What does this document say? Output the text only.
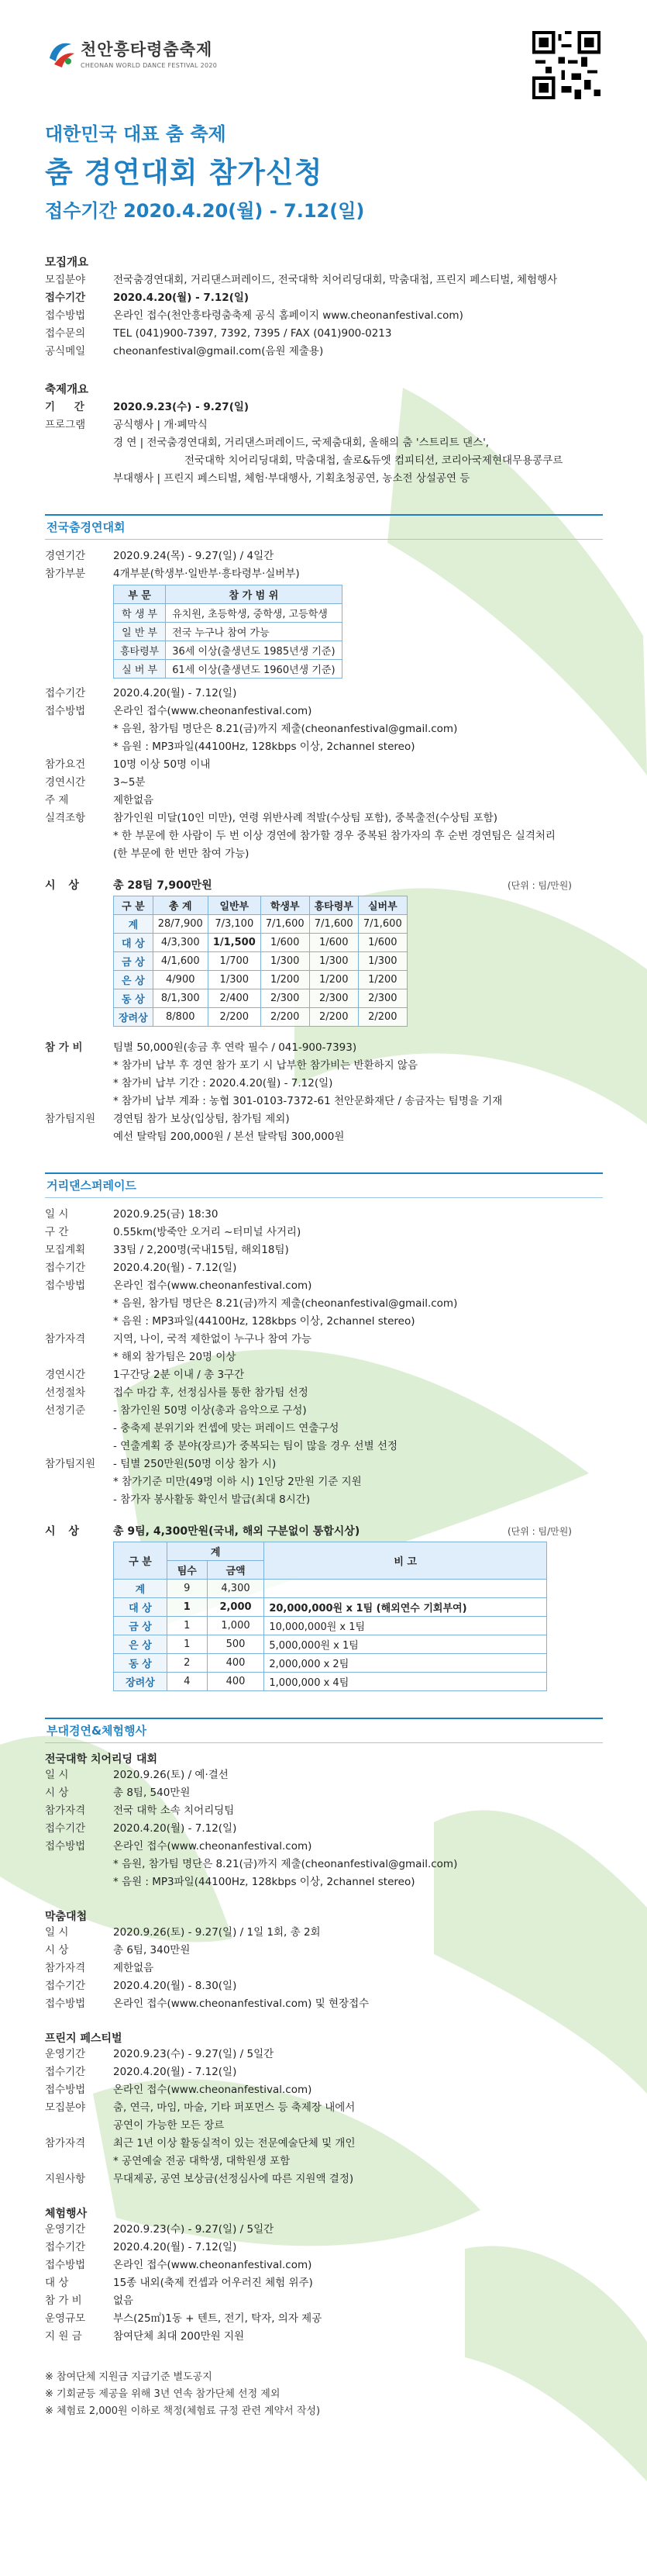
천안흥타령춤축제
CHEONAN WORLD DANCE FESTIVAL 2020
대한민국 대표 춤 축제
춤 경연대회 참가신청
접수기간 2020.4.20(월) - 7.12(일)
모집개요
모집분야	전국춤경연대회, 거리댄스퍼레이드, 전국대학 치어리딩대회, 막춤대첩, 프린지 페스티벌, 체험행사
접수기간	2020.4.20(월) - 7.12(일)
접수방법	온라인 접수(천안흥타령춤축제 공식 홈페이지 www.cheonanfestival.com)
접수문의	TEL (041)900-7397, 7392, 7395 / FAX (041)900-0213
공식메일	cheonanfestival@gmail.com(음원 제출용)
축제개요
기 간	2020.9.23(수) - 9.27(일)
프로그램	공식행사 | 개·폐막식
경 연 | 전국춤경연대회, 거리댄스퍼레이드, 국제춤대회, 올해의 춤 '스트리트 댄스',
전국대학 치어리딩대회, 막춤대첩, 솔로&듀엣 컴피티션, 코리아국제현대무용콩쿠르
부대행사 | 프린지 페스티벌, 체험·부대행사, 기획초청공연, 농소전 상설공연 등
전국춤경연대회
경연기간	2020.9.24(목) - 9.27(일) / 4일간
참가부분	4개부분(학생부·일반부·흥타령부·실버부)
부 문	참 가 범 위
학 생 부	유치원, 초등학생, 중학생, 고등학생
일 반 부	전국 누구나 참여 가능
흥타령부	36세 이상(출생년도 1985년생 기준)
실 버 부	61세 이상(출생년도 1960년생 기준)
접수기간	2020.4.20(월) - 7.12(일)
접수방법	온라인 접수(www.cheonanfestival.com)
* 음원, 참가팀 명단은 8.21(금)까지 제출(cheonanfestival@gmail.com)
* 음원 : MP3파일(44100Hz, 128kbps 이상, 2channel stereo)
참가요건	10명 이상 50명 이내
경연시간	3~5분
주 제	제한없음
실격조항	참가인원 미달(10인 미만), 연령 위반사례 적발(수상팀 포함), 중복출전(수상팀 포함)
* 한 부문에 한 사람이 두 번 이상 경연에 참가할 경우 중복된 참가자의 후 순번 경연팀은 실격처리
(한 부문에 한 번만 참여 가능)
시 상	총 28팀 7,900만원	(단위 : 팀/만원)
구 분	총 계	일반부	학생부	흥타령부	실버부
계	28/7,900	7/3,100	7/1,600	7/1,600	7/1,600
대 상	4/3,300	1/1,500	1/600	1/600	1/600
금 상	4/1,600	1/700	1/300	1/300	1/300
은 상	4/900	1/300	1/200	1/200	1/200
동 상	8/1,300	2/400	2/300	2/300	2/300
장려상	8/800	2/200	2/200	2/200	2/200
참 가 비	팀별 50,000원(송금 후 연락 필수 / 041-900-7393)
* 참가비 납부 후 경연 참가 포기 시 납부한 참가비는 반환하지 않음
* 참가비 납부 기간 : 2020.4.20(월) - 7.12(일)
* 참가비 납부 계좌 : 농협 301-0103-7372-61 천안문화재단 / 송금자는 팀명을 기재
참가팀지원	경연팀 참가 보상(입상팀, 참가팀 제외)
예선 탈락팀 200,000원 / 본선 탈락팀 300,000원
거리댄스퍼레이드
일 시	2020.9.25(금) 18:30
구 간	0.55km(방죽안 오거리 ~터미널 사거리)
모집계획	33팀 / 2,200명(국내15팀, 해외18팀)
접수기간	2020.4.20(월) - 7.12(일)
접수방법	온라인 접수(www.cheonanfestival.com)
* 음원, 참가팀 명단은 8.21(금)까지 제출(cheonanfestival@gmail.com)
* 음원 : MP3파일(44100Hz, 128kbps 이상, 2channel stereo)
참가자격	지역, 나이, 국적 제한없이 누구나 참여 가능
* 해외 참가팀은 20명 이상
경연시간	1구간당 2분 이내 / 총 3구간
선정절차	접수 마감 후, 선정심사를 통한 참가팀 선정
선정기준	- 참가인원 50명 이상(총과 음악으로 구성)
- 충축제 분위기와 컨셉에 맞는 퍼레이드 연출구성
- 연출계획 중 분야(장르)가 중복되는 팀이 많을 경우 선별 선정
참가팀지원	- 팀별 250만원(50명 이상 참가 시)
* 참가기준 미만(49명 이하 시) 1인당 2만원 기준 지원
- 참가자 봉사활동 확인서 발급(최대 8시간)
시 상	총 9팀, 4,300만원(국내, 해외 구분없이 통합시상)	(단위 : 팀/만원)
구 분	계		비 고
	팀수	금액	
계	9	4,300	
대 상	1	2,000	20,000,000원 x 1팀 (해외연수 기회부여)
금 상	1	1,000	10,000,000원 x 1팀
은 상	1	500	5,000,000원 x 1팀
동 상	2	400	2,000,000 x 2팀
장려상	4	400	1,000,000 x 4팀
부대경연&체험행사
전국대학 치어리딩 대회
일 시	2020.9.26(토) / 예·결선
시 상	총 8팀, 540만원
참가자격	전국 대학 소속 치어리딩팀
접수기간	2020.4.20(월) - 7.12(일)
접수방법	온라인 접수(www.cheonanfestival.com)
* 음원, 참가팀 명단은 8.21(금)까지 제출(cheonanfestival@gmail.com)
* 음원 : MP3파일(44100Hz, 128kbps 이상, 2channel stereo)
막춤대첩
일 시	2020.9.26(토) - 9.27(일) / 1일 1회, 총 2회
시 상	총 6팀, 340만원
참가자격	제한없음
접수기간	2020.4.20(월) - 8.30(일)
접수방법	온라인 접수(www.cheonanfestival.com) 및 현장접수
프린지 페스티벌
운영기간	2020.9.23(수) - 9.27(일) / 5일간
접수기간	2020.4.20(월) - 7.12(일)
접수방법	온라인 접수(www.cheonanfestival.com)
모집분야	춤, 연극, 마임, 마술, 기타 퍼포먼스 등 축제장 내에서
공연이 가능한 모든 장르
참가자격	최근 1년 이상 활동실적이 있는 전문예술단체 및 개인
* 공연예술 전공 대학생, 대학원생 포함
지원사항	무대제공, 공연 보상금(선정심사에 따른 지원액 결정)
체험행사
운영기간	2020.9.23(수) - 9.27(일) / 5일간
접수기간	2020.4.20(월) - 7.12(일)
접수방법	온라인 접수(www.cheonanfestival.com)
대 상	15종 내외(축제 컨셉과 어우러진 체험 위주)
참 가 비	없음
운영규모	부스(25㎡)1동 + 텐트, 전기, 탁자, 의자 제공
지 원 금	참여단체 최대 200만원 지원
※ 참여단체 지원금 지급기준 별도공지
※ 기회균등 제공을 위해 3년 연속 참가단체 선정 제외
※ 체험료 2,000원 이하로 책정(체험료 규정 관련 계약서 작성)
